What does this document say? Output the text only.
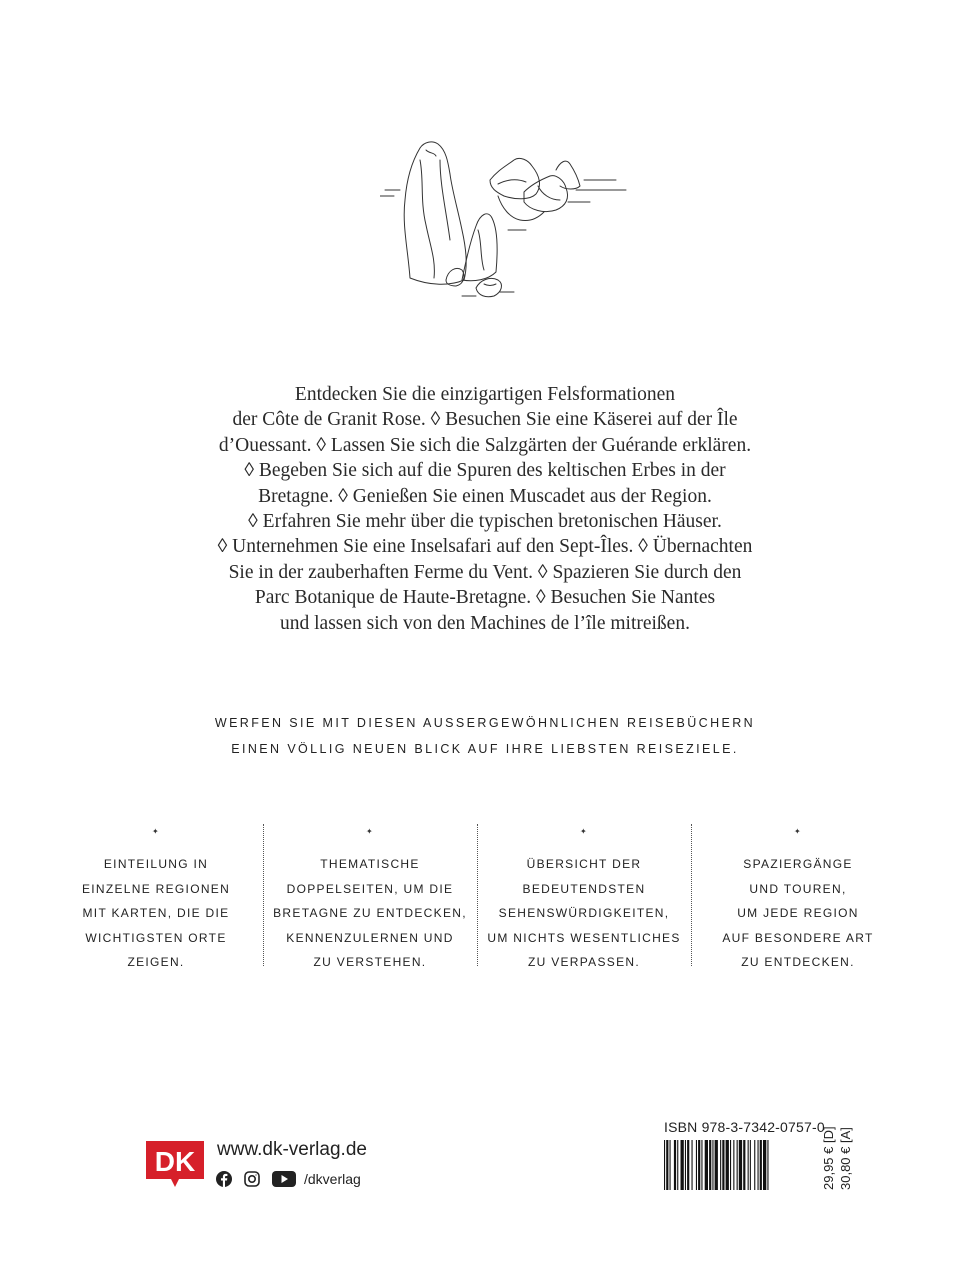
Entdecken Sie die einzigartigen Felsformationen
der Côte de Granit Rose. ◊ Besuchen Sie eine Käserei auf der Île
d’Ouessant. ◊ Lassen Sie sich die Salzgärten der Guérande erklären.
◊ Begeben Sie sich auf die Spuren des keltischen Erbes in der
Bretagne. ◊ Genießen Sie einen Muscadet aus der Region.
◊ Erfahren Sie mehr über die typischen bretonischen Häuser.
◊ Unternehmen Sie eine Inselsafari auf den Sept-Îles. ◊ Übernachten
Sie in der zauberhaften Ferme du Vent. ◊ Spazieren Sie durch den
Parc Botanique de Haute-Bretagne. ◊ Besuchen Sie Nantes
und lassen sich von den Machines de l’île mitreißen.
WERFEN SIE MIT DIESEN AUSSERGEWÖHNLICHEN REISEBÜCHERN
EINEN VÖLLIG NEUEN BLICK AUF IHRE LIEBSTEN REISEZIELE.
✦
EINTEILUNG IN
EINZELNE REGIONEN
MIT KARTEN, DIE DIE
WICHTIGSTEN ORTE
ZEIGEN.
✦
THEMATISCHE
DOPPELSEITEN, UM DIE
BRETAGNE ZU ENTDECKEN,
KENNENZULERNEN UND
ZU VERSTEHEN.
✦
ÜBERSICHT DER
BEDEUTENDSTEN
SEHENSWÜRDIGKEITEN,
UM NICHTS WESENTLICHES
ZU VERPASSEN.
✦
SPAZIERGÄNGE
UND TOUREN,
UM JEDE REGION
AUF BESONDERE ART
ZU ENTDECKEN.
DK www.dk-verlag.de
/dkverlag
ISBN 978-3-7342-0757-0
29,95 € [D] 30,80 € [A]
